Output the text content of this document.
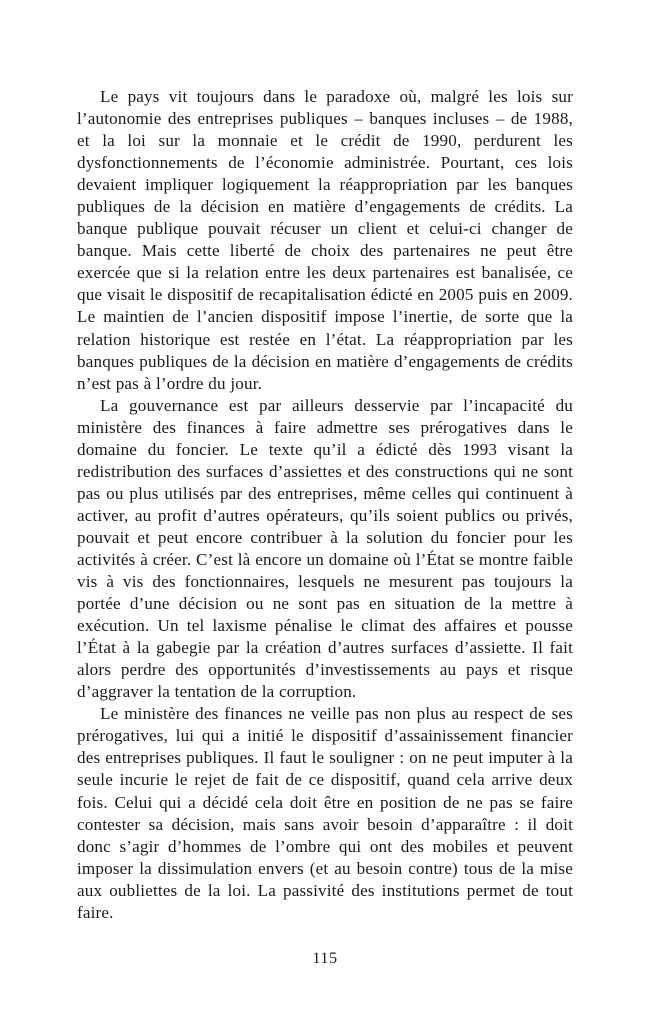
Le pays vit toujours dans le paradoxe où, malgré les lois sur l’autonomie des entreprises publiques – banques incluses – de 1988, et la loi sur la monnaie et le crédit de 1990, perdurent les dysfonctionnements de l’économie administrée. Pourtant, ces lois devaient impliquer logiquement la réappropriation par les banques publiques de la décision en matière d’engagements de crédits. La banque publique pouvait récuser un client et celui-ci changer de banque. Mais cette liberté de choix des partenaires ne peut être exercée que si la relation entre les deux partenaires est banalisée, ce que visait le dispositif de recapitalisation édicté en 2005 puis en 2009. Le maintien de l’ancien dispositif impose l’inertie, de sorte que la relation historique est restée en l’état. La réappropriation par les banques publiques de la décision en matière d’engagements de crédits n’est pas à l’ordre du jour.

La gouvernance est par ailleurs desservie par l’incapacité du ministère des finances à faire admettre ses prérogatives dans le domaine du foncier. Le texte qu’il a édicté dès 1993 visant la redistribution des surfaces d’assiettes et des constructions qui ne sont pas ou plus utilisés par des entreprises, même celles qui continuent à activer, au profit d’autres opérateurs, qu’ils soient publics ou privés, pouvait et peut encore contribuer à la solution du foncier pour les activités à créer. C’est là encore un domaine où l’État se montre faible vis à vis des fonctionnaires, lesquels ne mesurent pas toujours la portée d’une décision ou ne sont pas en situation de la mettre à exécution. Un tel laxisme pénalise le climat des affaires et pousse l’État à la gabegie par la création d’autres surfaces d’assiette. Il fait alors perdre des opportunités d’investissements au pays et risque d’aggraver la tentation de la corruption.

Le ministère des finances ne veille pas non plus au respect de ses prérogatives, lui qui a initié le dispositif d’assainissement financier des entreprises publiques. Il faut le souligner : on ne peut imputer à la seule incurie le rejet de fait de ce dispositif, quand cela arrive deux fois. Celui qui a décidé cela doit être en position de ne pas se faire contester sa décision, mais sans avoir besoin d’apparaître : il doit donc s’agir d’hommes de l’ombre qui ont des mobiles et peuvent imposer la dissimulation envers (et au besoin contre) tous de la mise aux oubliettes de la loi. La passivité des institutions permet de tout faire.

115
